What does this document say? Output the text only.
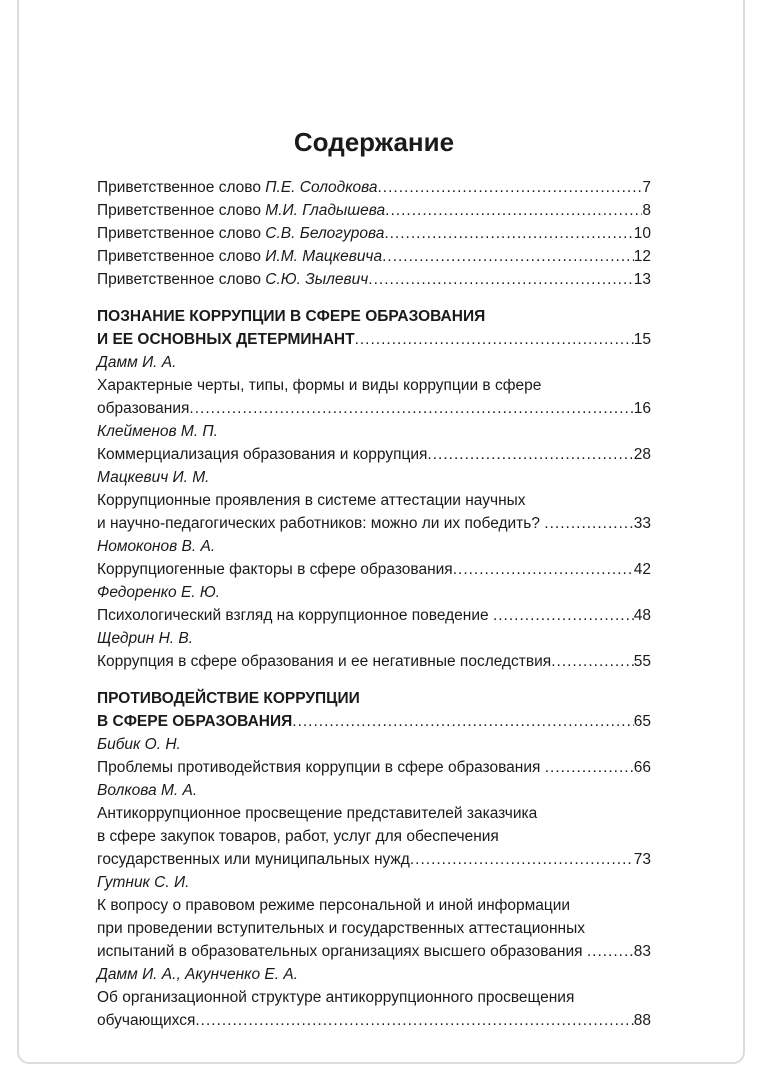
Содержание
Приветственное слово П.Е. Солодкова .....	7
Приветственное слово М.И. Гладышева .....	8
Приветственное слово С.В. Белогурова .....	10
Приветственное слово И.М. Мацкевича .....	12
Приветственное слово С.Ю. Зылевич .....	13
ПОЗНАНИЕ КОРРУПЦИИ В СФЕРЕ ОБРАЗОВАНИЯ
И ЕЕ ОСНОВНЫХ ДЕТЕРМИНАНТ .....	15
Дамм И. А.
Характерные черты, типы, формы и виды коррупции в сфере
образования .....	16
Клейменов М. П.
Коммерциализация образования и коррупция .....	28
Мацкевич И. М.
Коррупционные проявления в системе аттестации научных
и научно-педагогических работников: можно ли их победить? .....	33
Номоконов В. А.
Коррупциогенные факторы в сфере образования .....	42
Федоренко Е. Ю.
Психологический взгляд на коррупционное поведение .....	48
Щедрин Н. В.
Коррупция в сфере образования и ее негативные последствия .....	55
ПРОТИВОДЕЙСТВИЕ КОРРУПЦИИ
В СФЕРЕ ОБРАЗОВАНИЯ .....	65
Бибик О. Н.
Проблемы противодействия коррупции в сфере образования .....	66
Волкова М. А.
Антикоррупционное просвещение представителей заказчика
в сфере закупок товаров, работ, услуг для обеспечения
государственных или муниципальных нужд .....	73
Гутник С. И.
К вопросу о правовом режиме персональной и иной информации
при проведении вступительных и государственных аттестационных
испытаний в образовательных организациях высшего образования .....	83
Дамм И. А., Акунченко Е. А.
Об организационной структуре антикоррупционного просвещения
обучающихся .....	88
